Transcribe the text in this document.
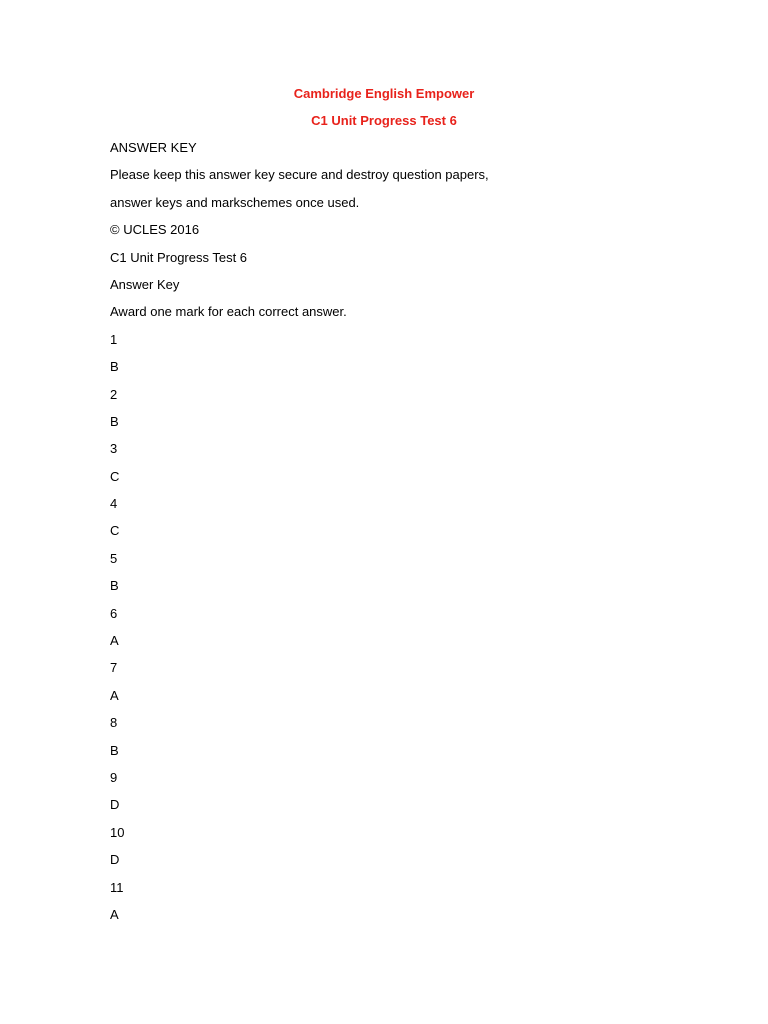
Cambridge English Empower
C1 Unit Progress Test 6
ANSWER KEY
Please keep this answer key secure and destroy question papers,
answer keys and markschemes once used.
© UCLES 2016
C1 Unit Progress Test 6
Answer Key
Award one mark for each correct answer.
1
B
2
B
3
C
4
C
5
B
6
A
7
A
8
B
9
D
10
D
11
A
